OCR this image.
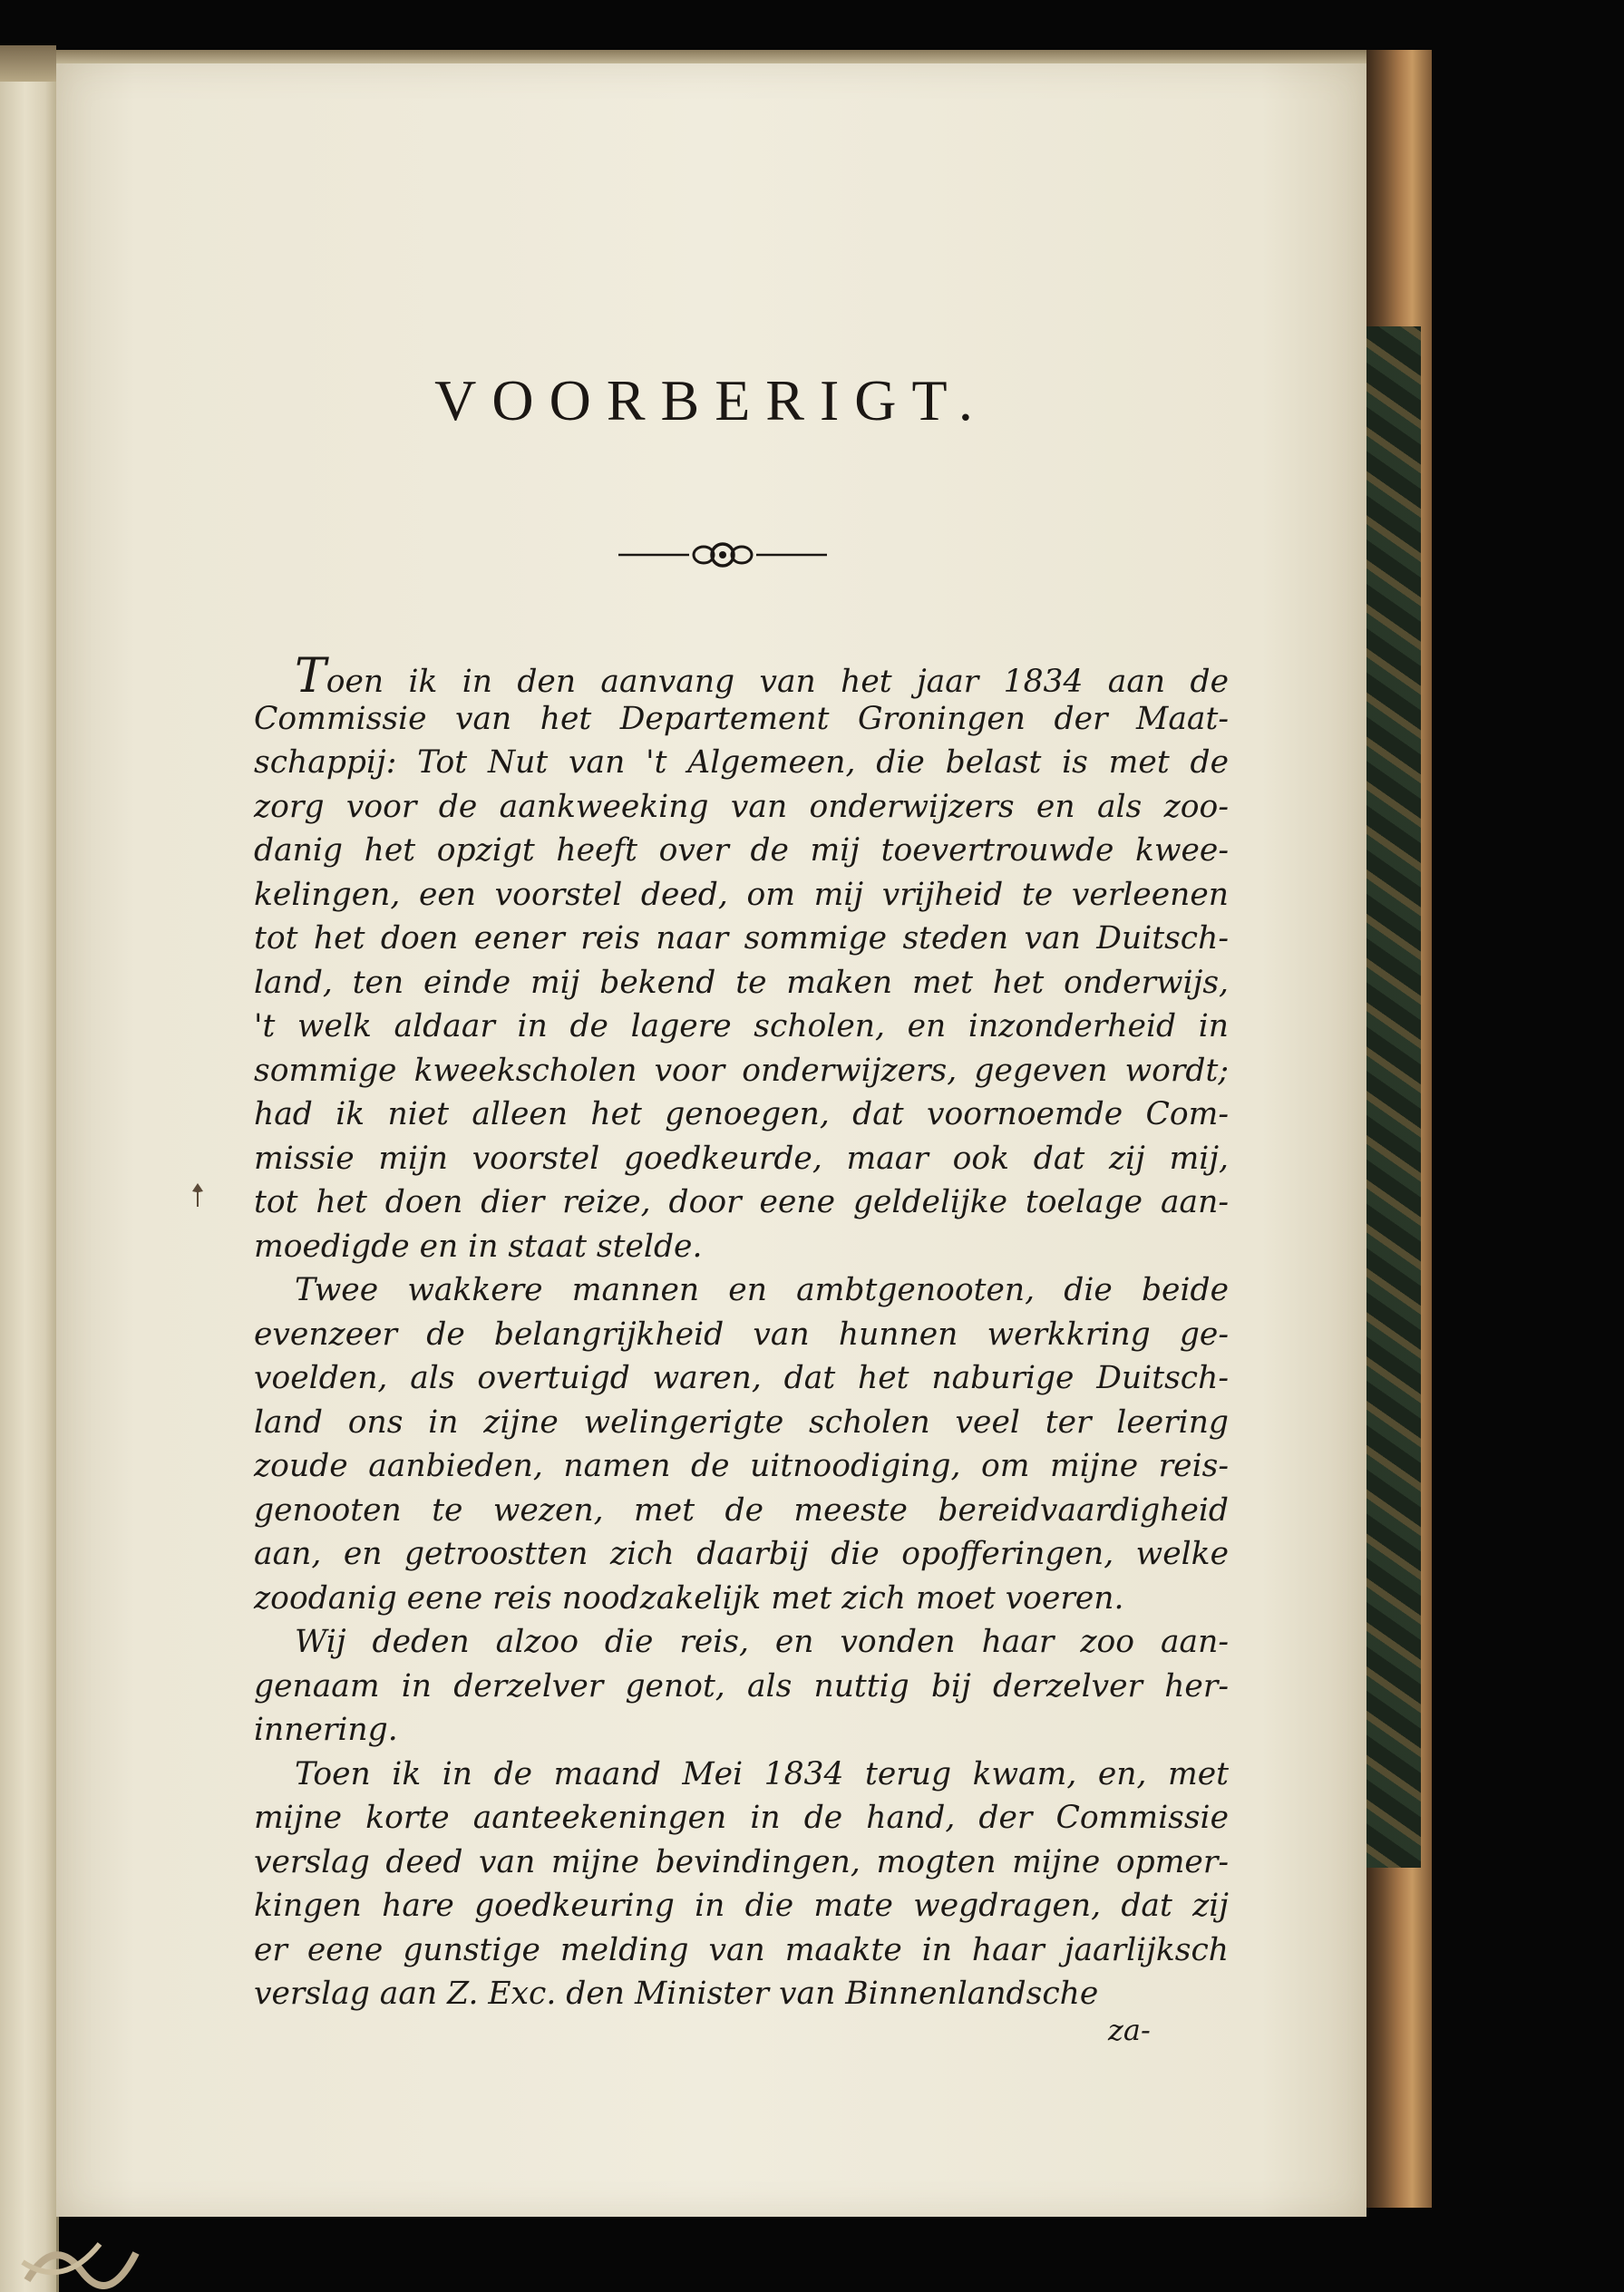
VOORBERIGT.
Toen ik in den aanvang van het jaar 1834 aan de
Commissie van het Departement Groningen der Maat-
schappij: Tot Nut van 't Algemeen, die belast is met de
zorg voor de aankweeking van onderwijzers en als zoo-
danig het opzigt heeft over de mij toevertrouwde kwee-
kelingen, een voorstel deed, om mij vrijheid te verleenen
tot het doen eener reis naar sommige steden van Duitsch-
land, ten einde mij bekend te maken met het onderwijs,
't welk aldaar in de lagere scholen, en inzonderheid in
sommige kweekscholen voor onderwijzers, gegeven wordt;
had ik niet alleen het genoegen, dat voornoemde Com-
missie mijn voorstel goedkeurde, maar ook dat zij mij,
tot het doen dier reize, door eene geldelijke toelage aan-
moedigde en in staat stelde.
Twee wakkere mannen en ambtgenooten, die beide
evenzeer de belangrijkheid van hunnen werkkring ge-
voelden, als overtuigd waren, dat het naburige Duitsch-
land ons in zijne welingerigte scholen veel ter leering
zoude aanbieden, namen de uitnoodiging, om mijne reis-
genooten te wezen, met de meeste bereidvaardigheid
aan, en getroostten zich daarbij die opofferingen, welke
zoodanig eene reis noodzakelijk met zich moet voeren.
Wij deden alzoo die reis, en vonden haar zoo aan-
genaam in derzelver genot, als nuttig bij derzelver her-
innering.
Toen ik in de maand Mei 1834 terug kwam, en, met
mijne korte aanteekeningen in de hand, der Commissie
verslag deed van mijne bevindingen, mogten mijne opmer-
kingen hare goedkeuring in die mate wegdragen, dat zij
er eene gunstige melding van maakte in haar jaarlijksch
verslag aan Z. Exc. den Minister van Binnenlandsche
za-
